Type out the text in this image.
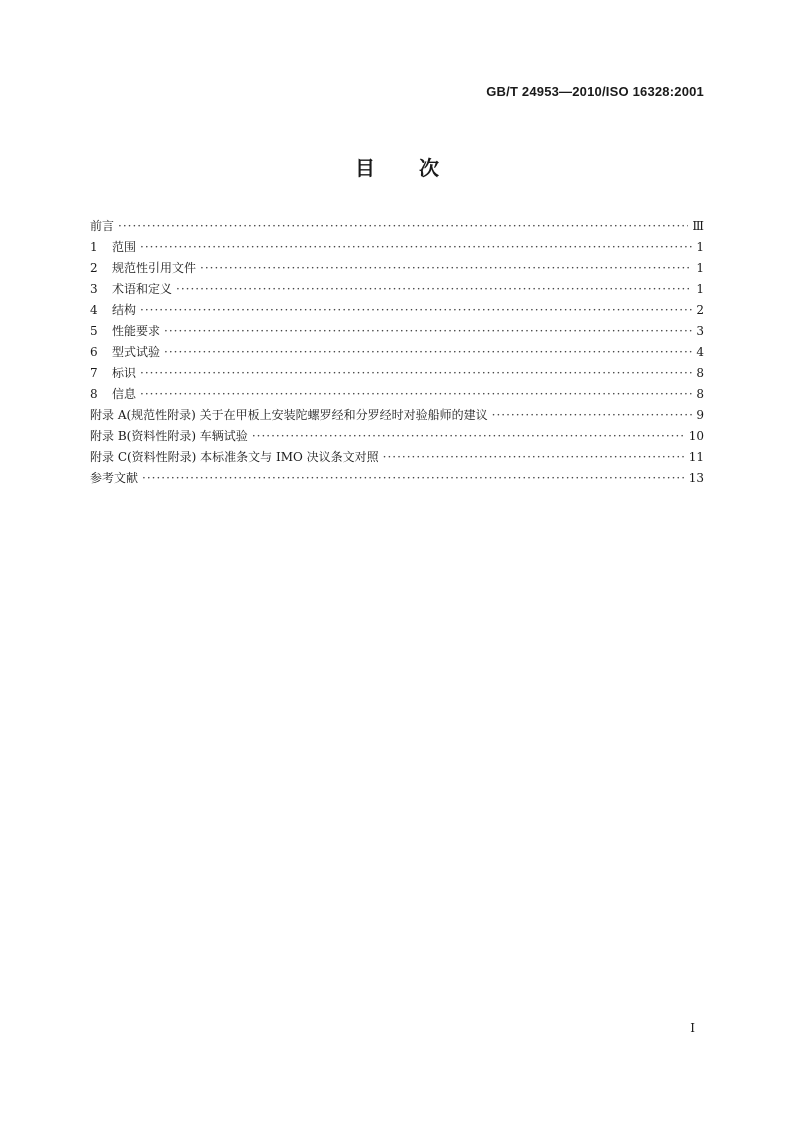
GB/T 24953—2010/ISO 16328:2001
目 次
前言 ·····	Ⅲ
1	范围 ·····	1
2	规范性引用文件 ·····	1
3	术语和定义 ·····	1
4	结构 ·····	2
5	性能要求 ·····	3
6	型式试验 ·····	4
7	标识 ·····	8
8	信息 ·····	8
附录 A(规范性附录) 关于在甲板上安装陀螺罗经和分罗经时对验船师的建议 ·····	9
附录 B(资料性附录) 车辆试验 ·····	10
附录 C(资料性附录) 本标准条文与 IMO 决议条文对照 ·····	11
参考文献 ·····	13
I
